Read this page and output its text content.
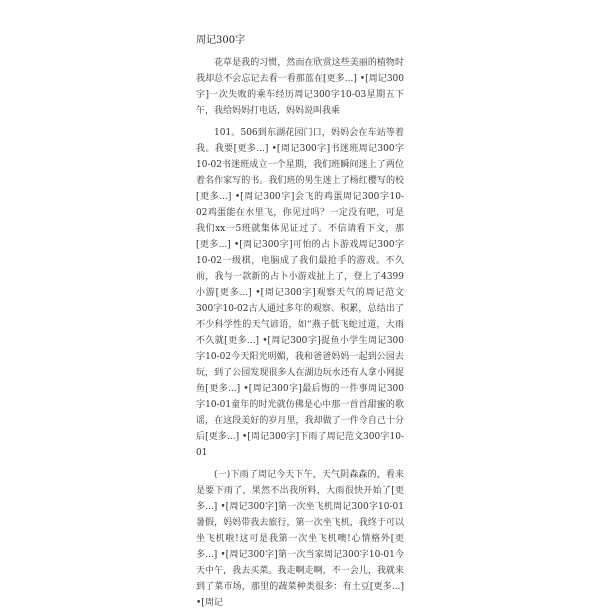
周记300字

花草是我的习惯，然而在欣赏这些美丽的植物时我却总不会忘记去看一看那蓝在[更多...] •[周记300字]一次失败的乘车经历周记300字10-03星期五下午，我给妈妈打电话，妈妈说叫我乘

101。506到东湖花园门口，妈妈会在车站等着我。我要[更多...] •[周记300字]书迷班周记300字10-02书迷班成立一个星期，我们班瞬间迷上了两位着名作家写的书。我们班的男生迷上了杨红樱写的校[更多...] •[周记300字]会飞的鸡蛋周记300字10-02鸡蛋能在水里飞，你见过吗？一定没有吧，可是我们xx一5班就集体见证过了。不信请看下文，那[更多...] •[周记300字]可怕的占卜游戏周记300字10-02一级棋，电脑成了我们最抢手的游戏。不久前，我与一款新的占卜小游戏扯上了，登上了4399小游[更多...] •[周记300字]观察天气的周记范文300字10-02古人通过多年的观察、积累，总结出了不少科学性的天气谚语，如“燕子低飞蛇过道，大雨不久就[更多...] •[周记300字]捉鱼小学生周记300字10-02今天阳光明媚，我和爸爸妈妈一起到公园去玩，到了公园发现很多人在湖边玩水还有人拿小网捉鱼[更多...] •[周记300字]最后悔的一件事周记300字10-01童年的时光就仿佛是心中那一首首甜蜜的歌谣，在这段美好的岁月里，我却做了一件令自己十分后[更多...] •[周记300字]下雨了周记范文300字10-01

(一)下雨了周记今天下午，天气阴森森的，看来是要下雨了，果然不出我所料，大雨很快开始了[更多...] •[周记300字]第一次坐飞机周记300字10-01暑假，妈妈带我去旅行，第一次坐飞机，我终于可以坐飞机啦!这可是我第一次坐飞机噢!心情格外[更多...] •[周记300字]第一次当家周记300字10-01今天中午，我去买菜。我走啊走啊，不一会儿，我就来到了菜市场，那里的蔬菜种类很多：有土豆[更多...] •[周记
